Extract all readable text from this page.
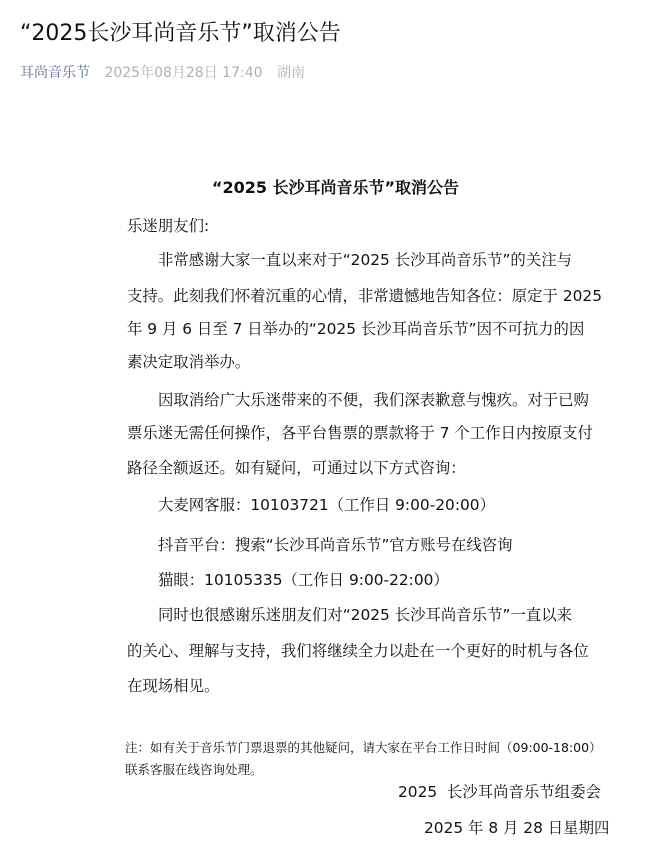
“2025长沙耳尚音乐节”取消公告
耳尚音乐节 2025年08月28日 17:40 湖南
“2025 长沙耳尚音乐节”取消公告
乐迷朋友们:
非常感谢大家一直以来对于“2025 长沙耳尚音乐节”的关注与
支持。此刻我们怀着沉重的心情，非常遗憾地告知各位：原定于 2025
年 9 月 6 日至 7 日举办的“2025 长沙耳尚音乐节”因不可抗力的因
素决定取消举办。
因取消给广大乐迷带来的不便，我们深表歉意与愧疚。对于已购
票乐迷无需任何操作，各平台售票的票款将于 7 个工作日内按原支付
路径全额返还。如有疑问，可通过以下方式咨询：
大麦网客服：10103721（工作日 9:00-20:00）
抖音平台：搜索“长沙耳尚音乐节”官方账号在线咨询
猫眼：10105335（工作日 9:00-22:00）
同时也很感谢乐迷朋友们对“2025 长沙耳尚音乐节”一直以来
的关心、理解与支持，我们将继续全力以赴在一个更好的时机与各位
在现场相见。
注：如有关于音乐节门票退票的其他疑问，请大家在平台工作日时间（09:00-18:00）
联系客服在线咨询处理。
2025  长沙耳尚音乐节组委会
2025 年 8 月 28 日星期四
